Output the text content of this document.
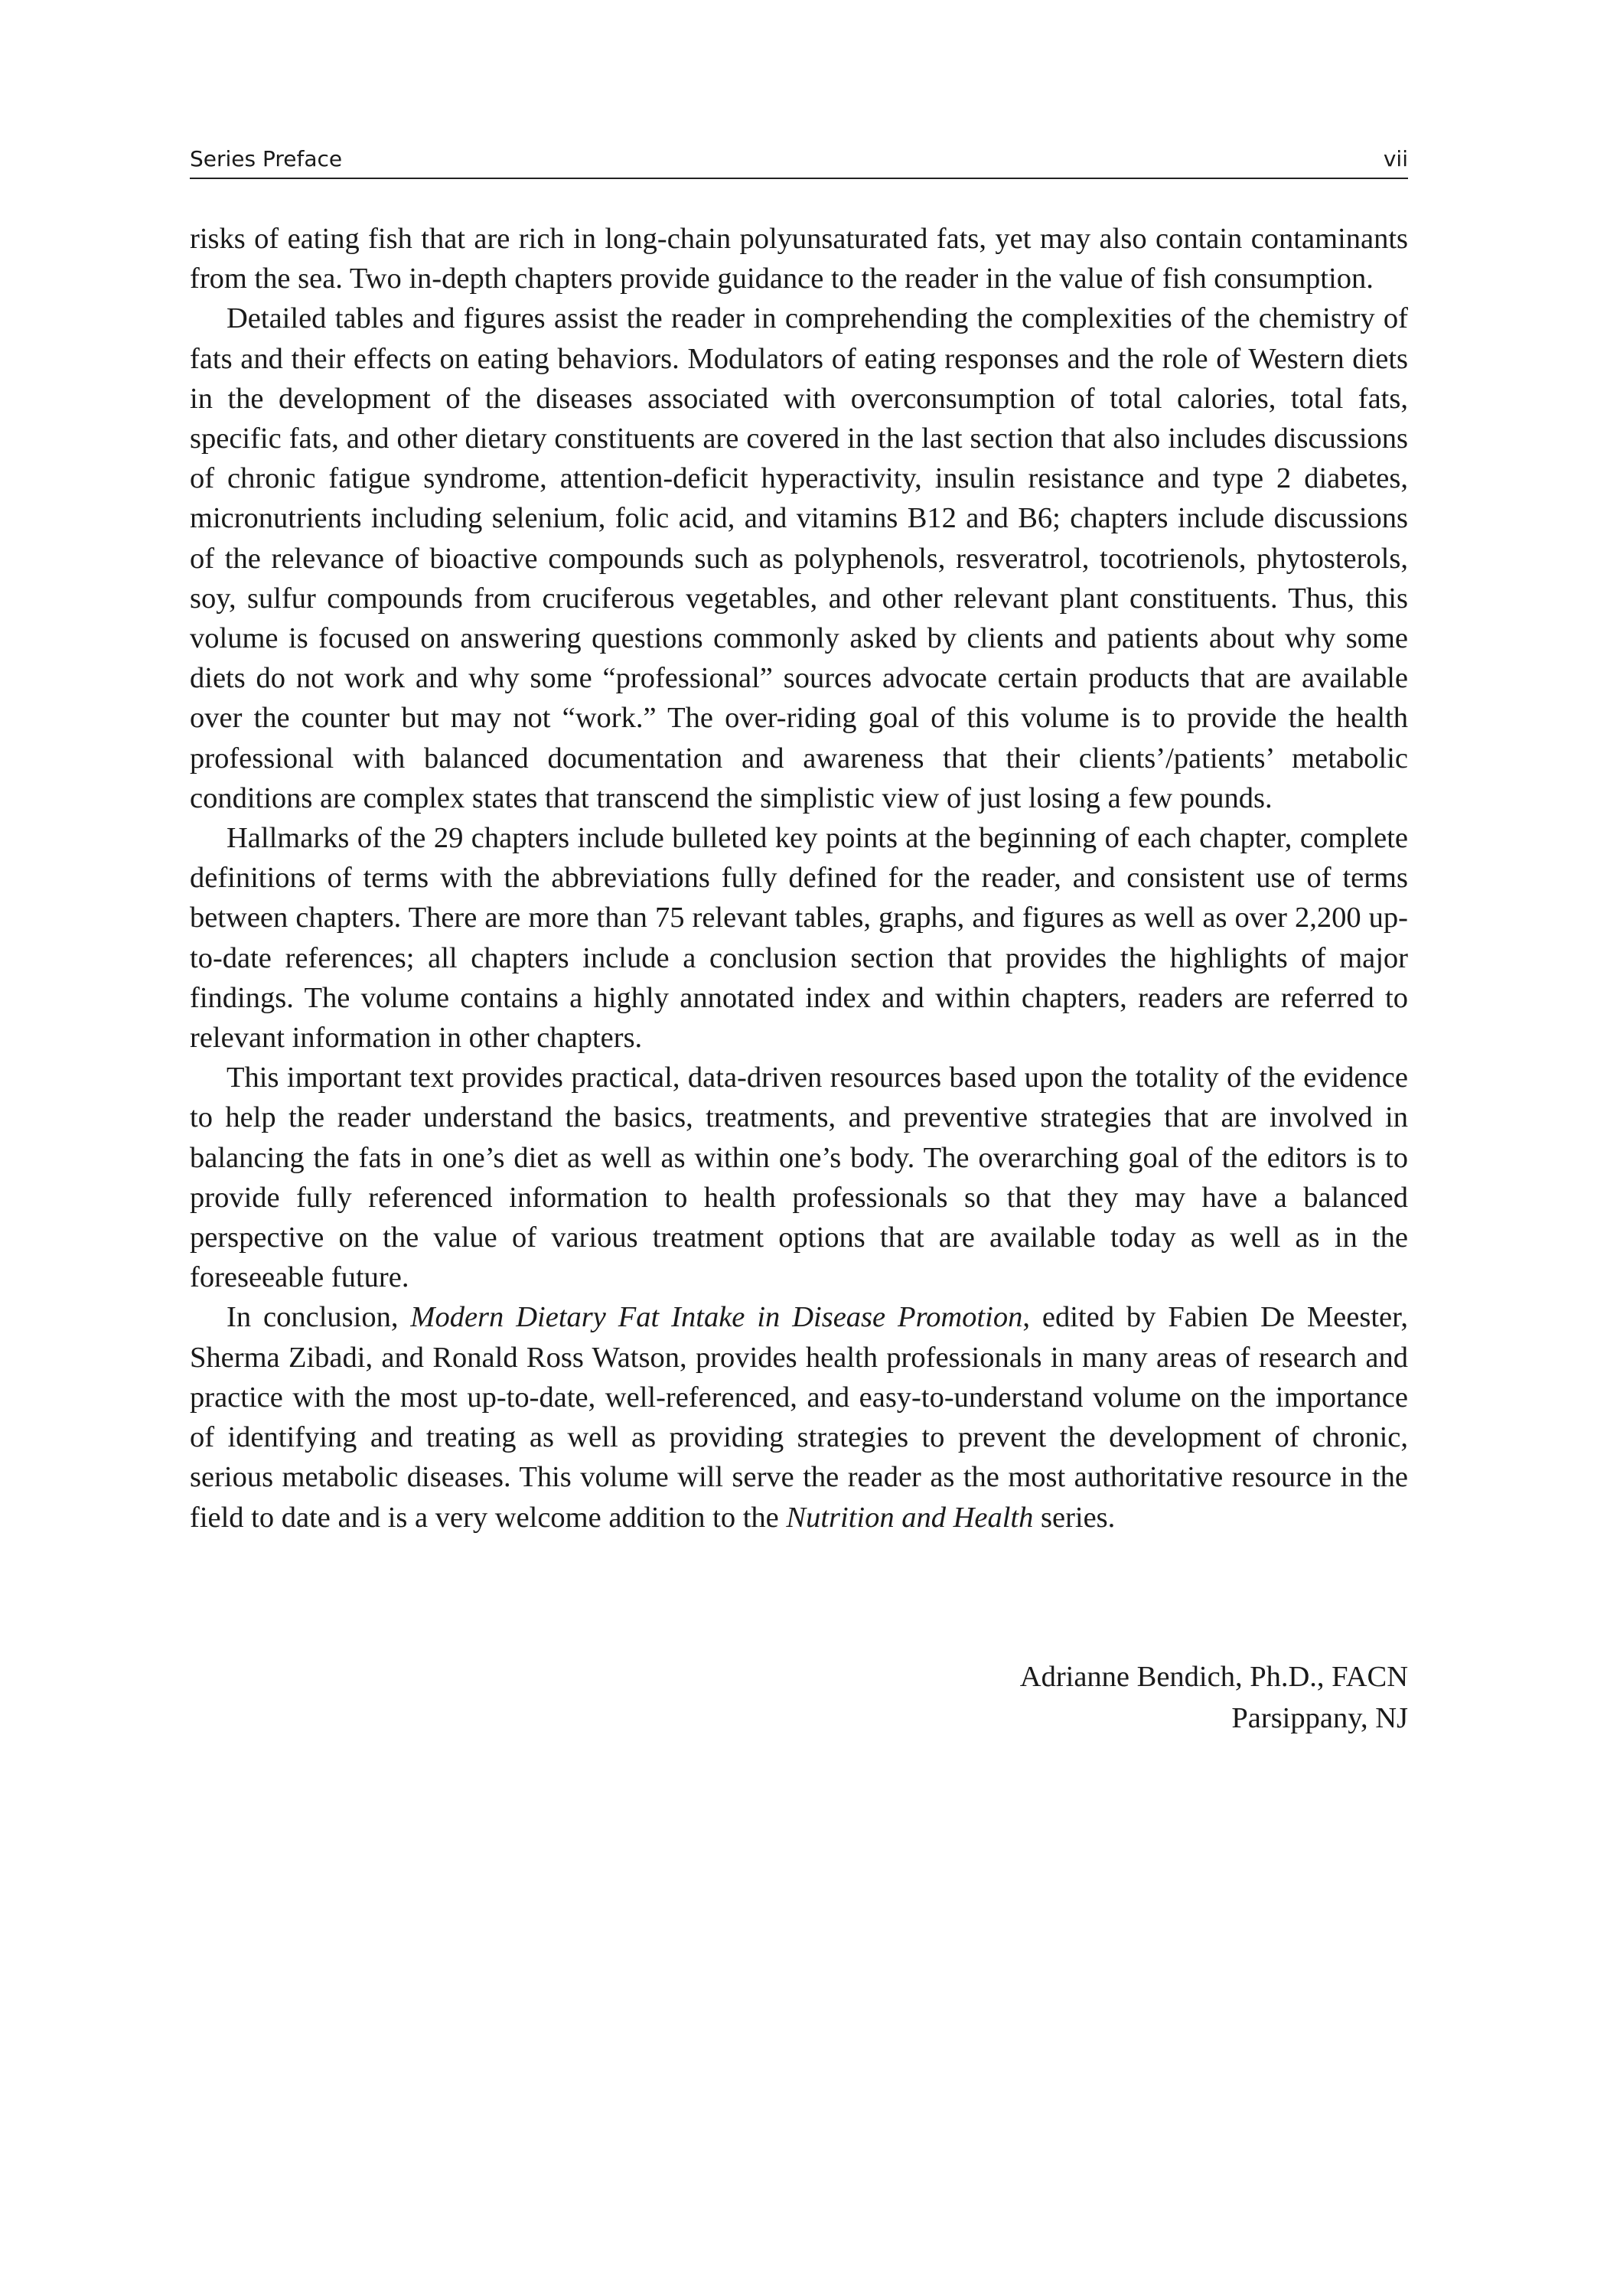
Series Preface	vii

risks of eating fish that are rich in long-chain polyunsaturated fats, yet may also contain contaminants from the sea. Two in-depth chapters provide guidance to the reader in the value of fish consumption.

Detailed tables and figures assist the reader in comprehending the complexities of the chemistry of fats and their effects on eating behaviors. Modulators of eating responses and the role of Western diets in the development of the diseases associated with overconsumption of total calories, total fats, specific fats, and other dietary constituents are covered in the last section that also includes discussions of chronic fatigue syndrome, attention-deficit hyperactivity, insulin resistance and type 2 diabetes, micronutrients including selenium, folic acid, and vitamins B12 and B6; chapters include discussions of the relevance of bioactive compounds such as polyphenols, resveratrol, tocotrienols, phytosterols, soy, sulfur compounds from cruciferous vegetables, and other relevant plant constituents. Thus, this volume is focused on answering questions commonly asked by clients and patients about why some diets do not work and why some “professional” sources advocate certain products that are available over the counter but may not “work.” The over-riding goal of this volume is to provide the health professional with balanced documentation and awareness that their clients’/patients’ metabolic conditions are complex states that transcend the simplistic view of just losing a few pounds.

Hallmarks of the 29 chapters include bulleted key points at the beginning of each chapter, complete definitions of terms with the abbreviations fully defined for the reader, and consistent use of terms between chapters. There are more than 75 relevant tables, graphs, and figures as well as over 2,200 up-to-date references; all chapters include a conclusion section that provides the highlights of major findings. The volume contains a highly annotated index and within chapters, readers are referred to relevant information in other chapters.

This important text provides practical, data-driven resources based upon the totality of the evidence to help the reader understand the basics, treatments, and preventive strategies that are involved in balancing the fats in one’s diet as well as within one’s body. The overarching goal of the editors is to provide fully referenced information to health professionals so that they may have a balanced perspective on the value of various treatment options that are available today as well as in the foreseeable future.

In conclusion, Modern Dietary Fat Intake in Disease Promotion, edited by Fabien De Meester, Sherma Zibadi, and Ronald Ross Watson, provides health professionals in many areas of research and practice with the most up-to-date, well-referenced, and easy-to-understand volume on the importance of identifying and treating as well as providing strategies to prevent the development of chronic, serious metabolic diseases. This volume will serve the reader as the most authoritative resource in the field to date and is a very welcome addition to the Nutrition and Health series.

Adrianne Bendich, Ph.D., FACN
Parsippany, NJ
